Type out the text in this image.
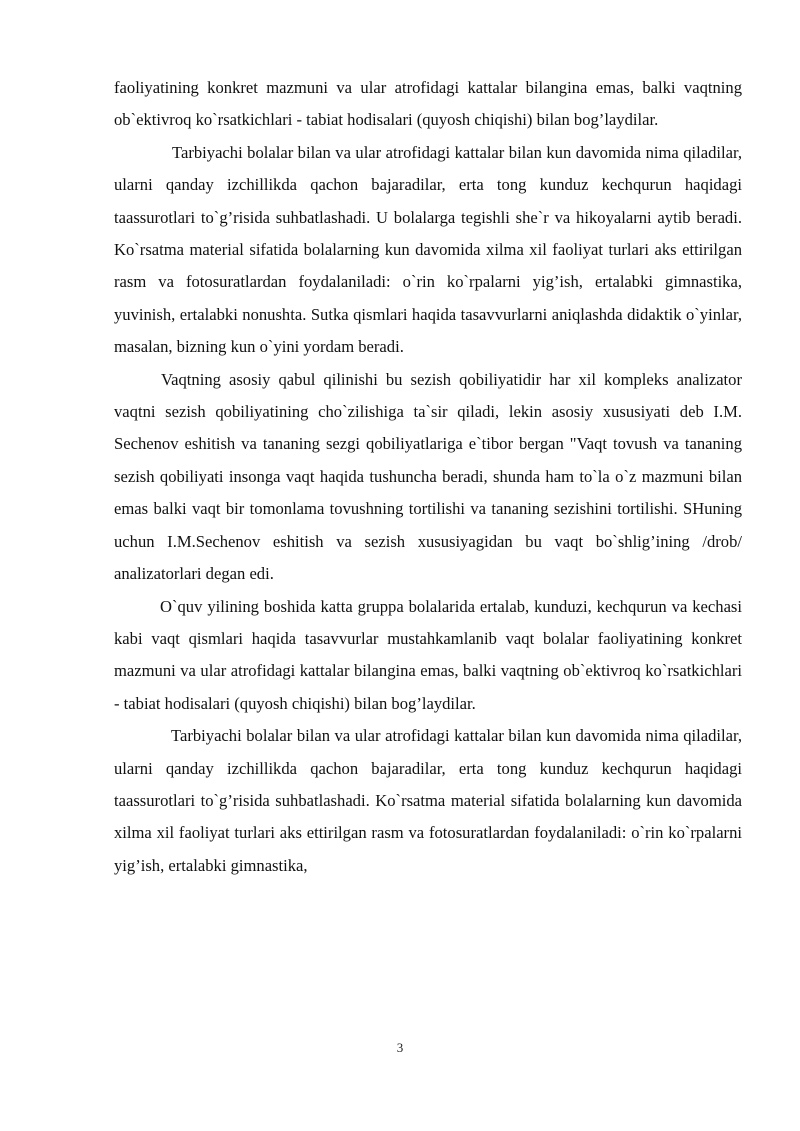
faoliyatining konkret mazmuni va ular atrofidagi kattalar bilangina emas, balki vaqtning ob`ektivroq ko`rsatkichlari - tabiat hodisalari (quyosh chiqishi) bilan bog’laydilar.

Tarbiyachi bolalar bilan va ular atrofidagi kattalar bilan kun davomida nima qiladilar, ularni qanday izchillikda qachon bajaradilar, erta tong kunduz kechqurun haqidagi taassurotlari to`g’risida suhbatlashadi. U bolalarga tegishli she`r va hikoyalarni aytib beradi. Ko`rsatma material sifatida bolalarning kun davomida xilma xil faoliyat turlari aks ettirilgan rasm va fotosuratlardan foydalaniladi: o`rin ko`rpalarni yig’ish, ertalabki gimnastika, yuvinish, ertalabki nonushta. Sutka qismlari haqida tasavvurlarni aniqlashda didaktik o`yinlar, masalan, bizning kun o`yini yordam beradi.

Vaqtning asosiy qabul qilinishi bu sezish qobiliyatidir har xil kompleks analizator vaqtni sezish qobiliyatining cho`zilishiga ta`sir qiladi, lekin asosiy xususiyati deb I.M. Sechenov eshitish va tananing sezgi qobiliyatlariga e`tibor bergan "Vaqt tovush va tananing sezish qobiliyati insonga vaqt haqida tushuncha beradi, shunda ham to`la o`z mazmuni bilan emas balki vaqt bir tomonlama tovushning tortilishi va tananing sezishini tortilishi. SHuning uchun I.M.Sechenov eshitish va sezish xususiyagidan bu vaqt bo`shlig’ining /drob/ analizatorlari degan edi.

O`quv yilining boshida katta gruppa bolalarida ertalab, kunduzi, kechqurun va kechasi kabi vaqt qismlari haqida tasavvurlar mustahkamlanib vaqt bolalar faoliyatining konkret mazmuni va ular atrofidagi kattalar bilangina emas, balki vaqtning ob`ektivroq ko`rsatkichlari - tabiat hodisalari (quyosh chiqishi) bilan bog’laydilar.

Tarbiyachi bolalar bilan va ular atrofidagi kattalar bilan kun davomida nima qiladilar, ularni qanday izchillikda qachon bajaradilar, erta tong kunduz kechqurun haqidagi taassurotlari to`g’risida suhbatlashadi. Ko`rsatma material sifatida bolalarning kun davomida xilma xil faoliyat turlari aks ettirilgan rasm va fotosuratlardan foydalaniladi: o`rin ko`rpalarni yig’ish, ertalabki gimnastika,

3
